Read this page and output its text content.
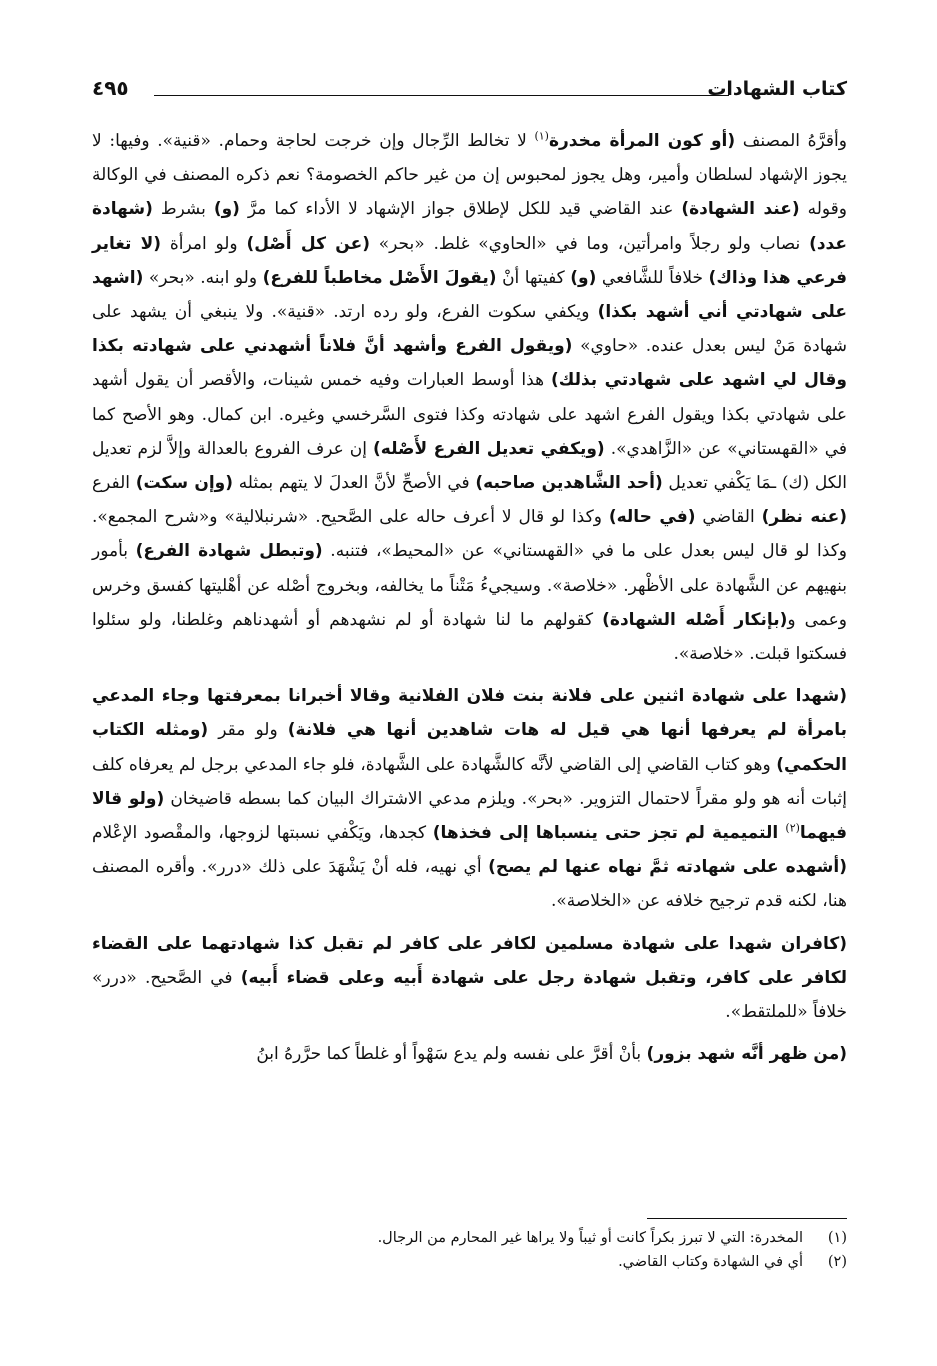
كتاب الشهادات
٤٩٥

وأقرَّهُ المصنف (أو كون المرأة مخدرة$^{(١)}$ لا تخالط الرِّجال وإن خرجت لحاجة وحمام. «قنية». وفيها: لا يجوز الإشهاد لسلطان وأمير، وهل يجوز لمحبوس إن من غير حاكم الخصومة؟ نعم ذكره المصنف في الوكالة وقوله (عند الشهادة) عند القاضي قيد للكل لإطلاق جواز الإشهاد لا الأداء كما مرَّ (و) بشرط (شهادة عدد) نصاب ولو رجلاً وامرأتين، وما في «الحاوي» غلط. «بحر» (عن كل أَصْل) ولو امرأة (لا تغاير فرعي هذا وذاك) خلافاً للشَّافعي (و) كفيتها أنْ (يقولَ الأَصْل مخاطباً للفرع) ولو ابنه. «بحر» (اشهد على شهادتي أني أشهد بكذا) ويكفي سكوت الفرع، ولو رده ارتد. «قنية». ولا ينبغي أن يشهد على شهادة مَنْ ليس بعدل عنده. «حاوي» (ويقول الفرع وأشهد أنَّ فلاناً أشهدني على شهادته بكذا وقال لي اشهد على شهادتي بذلك) هذا أوسط العبارات وفيه خمس شينات، والأقصر أن يقول أشهد على شهادتي بكذا ويقول الفرع اشهد على شهادته وكذا فتوى السَّرخسي وغيره. ابن كمال. وهو الأصح كما في «القهستاني» عن «الزَّاهدي». (ويكفي تعديل الفرع لأَصْله) إن عرف الفروع بالعدالة وإلاَّ لزم تعديل الكل (ك) ـمَا يَكْفي تعديل (أحد الشَّاهدين صاحبه) في الأصحِّ لأنَّ العدلَ لا يتهم بمثله (وإن سكت) الفرع (عنه نظر) القاضي (في حاله) وكذا لو قال لا أعرف حاله على الصَّحيح. «شرنبلالية» و«شرح المجمع». وكذا لو قال ليس بعدل على ما في «القهستاني» عن «المحيط»، فتنبه. (وتبطل شهادة الفرع) بأمور بنهيهم عن الشَّهادة على الأظْهر. «خلاصة». وسيجيءُ مَتْناً ما يخالفه، وبخروج أصْله عن أهْليتها كفسق وخرس وعمى و(بإنكار أَصْله الشهادة) كقولهم ما لنا شهادة أو لم نشهدهم أو أشهدناهم وغلطنا، ولو سئلوا فسكتوا قبلت. «خلاصة».

(شهدا على شهادة اثنين على فلانة بنت فلان الفلانية وقالا أخبرانا بمعرفتها وجاء المدعي بامرأة لم يعرفها أنها هي قيل له هات شاهدين أنها هي فلانة) ولو مقر (ومثله الكتاب الحكمي) وهو كتاب القاضي إلى القاضي لأنَّه كالشَّهادة على الشَّهادة، فلو جاء المدعي برجل لم يعرفاه كلف إثبات أنه هو ولو مقراً لاحتمال التزوير. «بحر». ويلزم مدعي الاشتراك البيان كما بسطه قاضيخان (ولو قالا فيهما$^{(٢)}$ التميمية لم تجز حتى ينسباها إلى فخذها) كجدها، ويَكْفي نسبتها لزوجها، والمقْصود الإعْلام (أشهده على شهادته ثمَّ نهاه عنها لم يصح) أي نهيه، فله أنْ يَشْهَدَ على ذلك «درر». وأقره المصنف هنا، لكنه قدم ترجيح خلافه عن «الخلاصة».

(كافران شهدا على شهادة مسلمين لكافر على كافر لم تقبل كذا شهادتهما على القضاء لكافر على كافر، وتقبل شهادة رجل على شهادة أَبيه وعلى قضاء أَبيه) في الصَّحيح. «درر» خلافاً «للملتقط».

(من ظهر أنَّه شهد بزور) بأنْ أقرَّ على نفسه ولم يدع سَهْواً أو غلطاً كما حرَّرهُ ابنُ

(١)المخدرة: التي لا تبرز بكراً كانت أو ثيباً ولا يراها غير المحارم من الرجال.
(٢)أي في الشهادة وكتاب القاضي.
